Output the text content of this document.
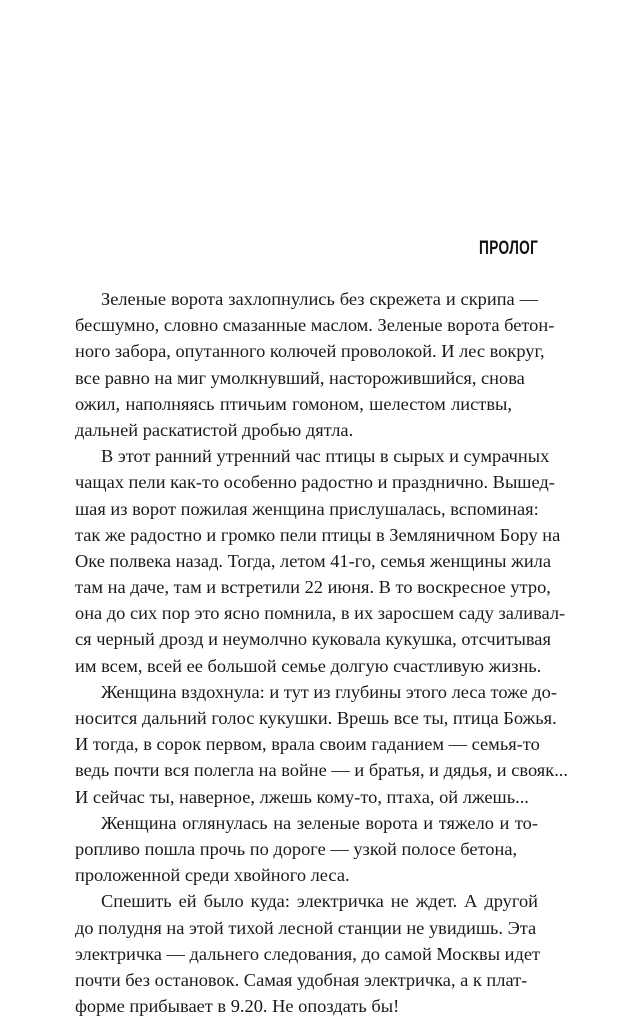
ПРОЛОГ

Зеленые ворота захлопнулись без скрежета и скрипа —
бесшумно, словно смазанные маслом. Зеленые ворота бетон-
ного забора, опутанного колючей проволокой. И лес вокруг,
все равно на миг умолкнувший, насторожившийся, снова
ожил, наполняясь птичьим гомоном, шелестом листвы,
дальней раскатистой дробью дятла.

В этот ранний утренний час птицы в сырых и сумрачных
чащах пели как-то особенно радостно и празднично. Вышед-
шая из ворот пожилая женщина прислушалась, вспоминая:
так же радостно и громко пели птицы в Земляничном Бору на
Оке полвека назад. Тогда, летом 41-го, семья женщины жила
там на даче, там и встретили 22 июня. В то воскресное утро,
она до сих пор это ясно помнила, в их заросшем саду заливал-
ся черный дрозд и неумолчно куковала кукушка, отсчитывая
им всем, всей ее большой семье долгую счастливую жизнь.

Женщина вздохнула: и тут из глубины этого леса тоже до-
носится дальний голос кукушки. Врешь все ты, птица Божья.
И тогда, в сорок первом, врала своим гаданием — семья-то
ведь почти вся полегла на войне — и братья, и дядья, и свояк...
И сейчас ты, наверное, лжешь кому-то, птаха, ой лжешь...

Женщина оглянулась на зеленые ворота и тяжело и то-
ропливо пошла прочь по дороге — узкой полосе бетона,
проложенной среди хвойного леса.

Спешить ей было куда: электричка не ждет. А другой
до полудня на этой тихой лесной станции не увидишь. Эта
электричка — дальнего следования, до самой Москвы идет
почти без остановок. Самая удобная электричка, а к плат-
форме прибывает в 9.20. Не опоздать бы!
